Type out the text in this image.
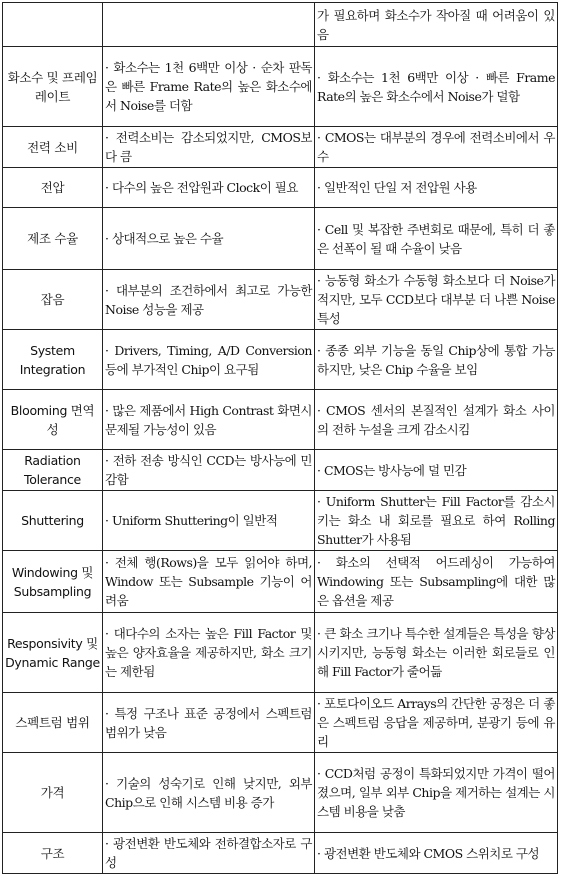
		가 필요하며 화소수가 작아질 때 어려움이 있음
화소수 및 프레임 레이트	· 화소수는 1천 6백만 이상 · 순차 판독은 빠른 Frame Rate의 높은 화소수에서 Noise를 더함	· 화소수는 1천 6백만 이상 · 빠른 Frame Rate의 높은 화소수에서 Noise가 덜함
전력 소비	· 전력소비는 감소되었지만, CMOS보다 큼	· CMOS는 대부분의 경우에 전력소비에서 우수
전압	· 다수의 높은 전압원과 Clock이 필요	· 일반적인 단일 저 전압원 사용
제조 수율	· 상대적으로 높은 수율	· Cell 및 복잡한 주변회로 때문에, 특히 더 좋은 선폭이 될 때 수율이 낮음
잡음	· 대부분의 조건하에서 최고로 가능한 Noise 성능을 제공	· 능동형 화소가 수동형 화소보다 더 Noise가 적지만, 모두 CCD보다 대부분 더 나쁜 Noise 특성
System Integration	· Drivers, Timing, A/D Conversion 등에 부가적인 Chip이 요구됨	· 종종 외부 기능을 동일 Chip상에 통합 가능하지만, 낮은 Chip 수율을 보임
Blooming 면역성	· 많은 제품에서 High Contrast 화면시 문제될 가능성이 있음	· CMOS 센서의 본질적인 설계가 화소 사이 의 전하 누설을 크게 감소시킴
Radiation Tolerance	· 전하 전송 방식인 CCD는 방사능에 민감함	· CMOS는 방사능에 덜 민감
Shuttering	· Uniform Shuttering이 일반적	· Uniform Shutter는 Fill Factor를 감소시키는 화소 내 회로를 필요로 하여 Rolling Shutter가 사용됨
Windowing 및 Subsampling	· 전체 행(Rows)을 모두 읽어야 하며, Window 또는 Subsample 기능이 어려움	· 화소의 선택적 어드레싱이 가능하여 Windowing 또는 Subsampling에 대한 많은 옵션을 제공
Responsivity 및 Dynamic Range	· 대다수의 소자는 높은 Fill Factor 및 높은 양자효율을 제공하지만, 화소 크기는 제한됨	· 큰 화소 크기나 특수한 설계들은 특성을 향상시키지만, 능동형 화소는 이러한 회로들로 인해 Fill Factor가 줄어듦
스펙트럼 범위	· 특정 구조나 표준 공정에서 스펙트럼 범위가 낮음	· 포토다이오드 Arrays의 간단한 공정은 더 좋은 스펙트럼 응답을 제공하며, 분광기 등에 유리
가격	· 기술의 성숙기로 인해 낮지만, 외부 Chip으로 인해 시스템 비용 증가	· CCD처럼 공정이 특화되었지만 가격이 떨어 졌으며, 일부 외부 Chip을 제거하는 설계는 시스템 비용을 낮춤
구조	· 광전변환 반도체와 전하결합소자로 구성	· 광전변환 반도체와 CMOS 스위치로 구성
